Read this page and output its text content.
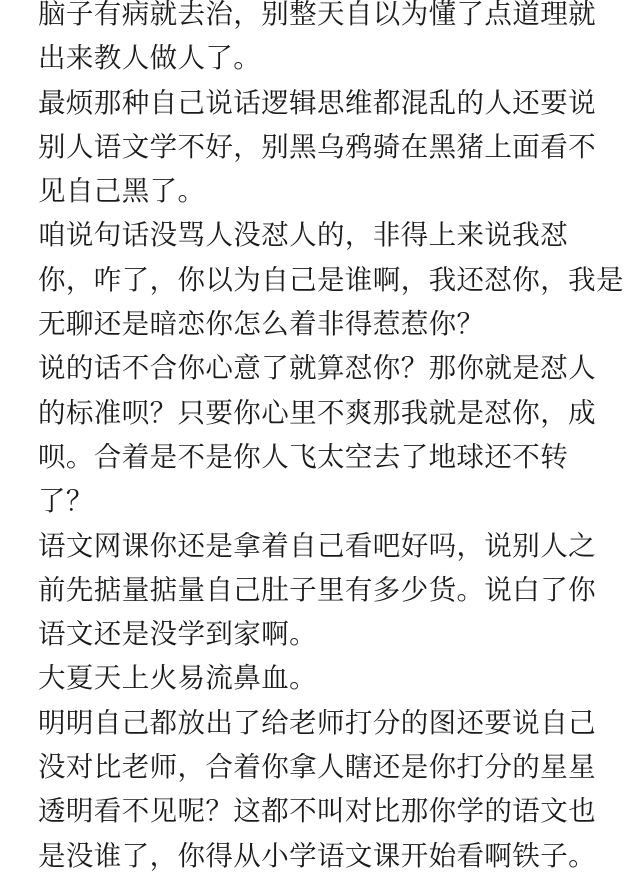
脑子有病就去治，别整天自以为懂了点道理就
出来教人做人了。
最烦那种自己说话逻辑思维都混乱的人还要说
别人语文学不好，别黑乌鸦骑在黑猪上面看不
见自己黑了。
咱说句话没骂人没怼人的，非得上来说我怼
你，咋了，你以为自己是谁啊，我还怼你，我是
无聊还是暗恋你怎么着非得惹惹你？
说的话不合你心意了就算怼你？那你就是怼人
的标准呗？只要你心里不爽那我就是怼你，成
呗。合着是不是你人飞太空去了地球还不转
了？
语文网课你还是拿着自己看吧好吗，说别人之
前先掂量掂量自己肚子里有多少货。说白了你
语文还是没学到家啊。
大夏天上火易流鼻血。
明明自己都放出了给老师打分的图还要说自己
没对比老师，合着你拿人瞎还是你打分的星星
透明看不见呢？这都不叫对比那你学的语文也
是没谁了，你得从小学语文课开始看啊铁子。
